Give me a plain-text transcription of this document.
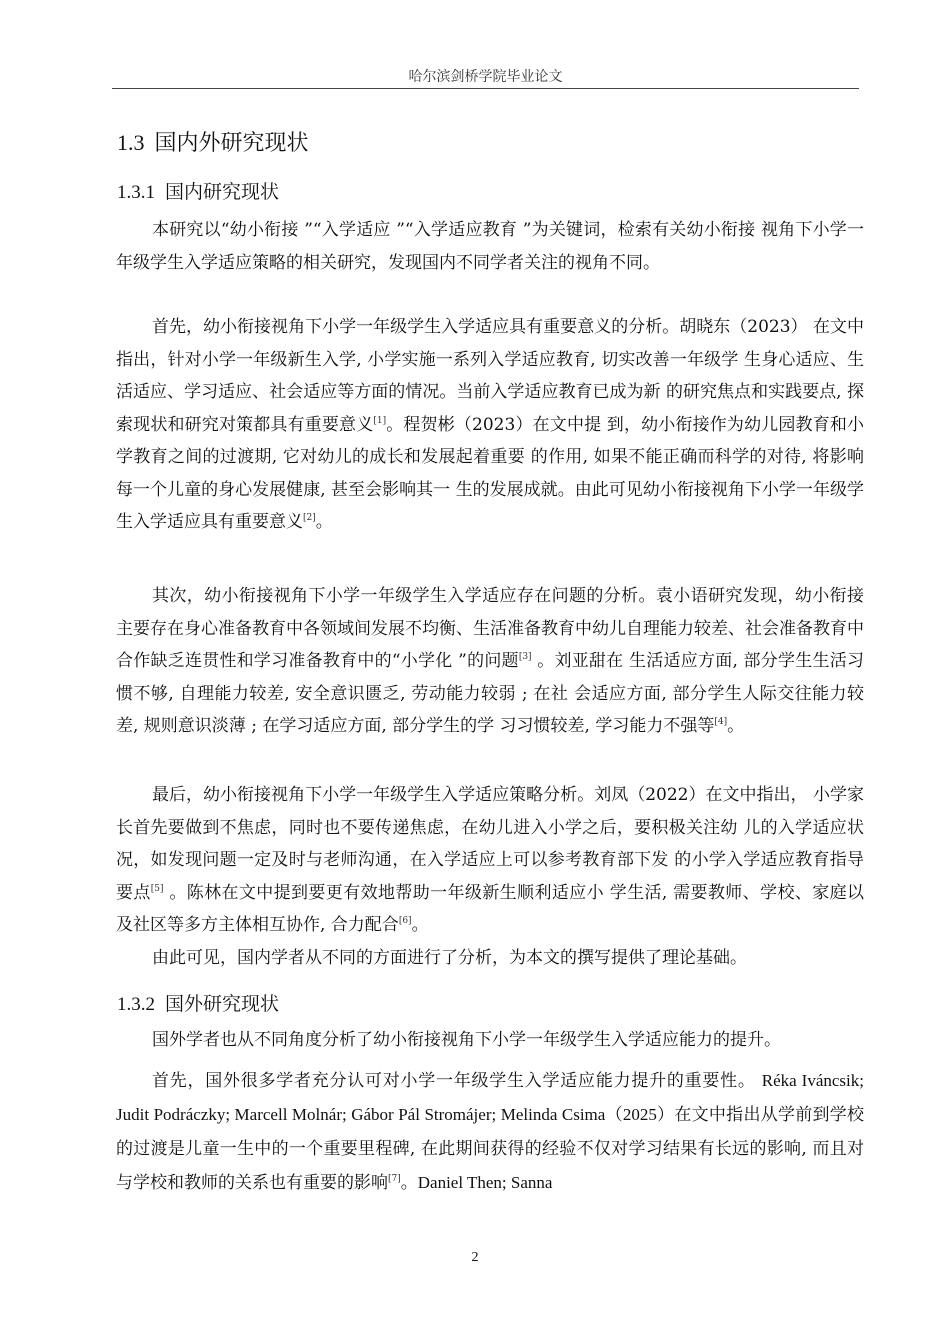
哈尔滨剑桥学院毕业论文
1.3 国内外研究现状
1.3.1 国内研究现状

本研究以“幼小衔接 ”“入学适应 ”“入学适应教育 ”为关键词，检索有关幼小衔接 视角下小学一年级学生入学适应策略的相关研究，发现国内不同学者关注的视角不同。

首先，幼小衔接视角下小学一年级学生入学适应具有重要意义的分析。胡晓东（2023） 在文中指出，针对小学一年级新生入学, 小学实施一系列入学适应教育, 切实改善一年级学 生身心适应、生活适应、学习适应、社会适应等方面的情况。当前入学适应教育已成为新 的研究焦点和实践要点, 探索现状和研究对策都具有重要意义[1]。程贺彬（2023）在文中提 到，幼小衔接作为幼儿园教育和小学教育之间的过渡期, 它对幼儿的成长和发展起着重要 的作用, 如果不能正确而科学的对待, 将影响每一个儿童的身心发展健康, 甚至会影响其一 生的发展成就。由此可见幼小衔接视角下小学一年级学生入学适应具有重要意义[2]。

其次，幼小衔接视角下小学一年级学生入学适应存在问题的分析。袁小语研究发现，幼小衔接主要存在身心准备教育中各领域间发展不均衡、生活准备教育中幼儿自理能力较差、社会准备教育中合作缺乏连贯性和学习准备教育中的“小学化 ”的问题[3] 。刘亚甜在 生活适应方面, 部分学生生活习惯不够, 自理能力较差, 安全意识匮乏, 劳动能力较弱 ; 在社 会适应方面, 部分学生人际交往能力较差, 规则意识淡薄 ; 在学习适应方面, 部分学生的学 习习惯较差, 学习能力不强等[4]。

最后，幼小衔接视角下小学一年级学生入学适应策略分析。刘凤（2022）在文中指出， 小学家长首先要做到不焦虑，同时也不要传递焦虑，在幼儿进入小学之后，要积极关注幼 儿的入学适应状况，如发现问题一定及时与老师沟通，在入学适应上可以参考教育部下发 的小学入学适应教育指导要点[5] 。陈林在文中提到要更有效地帮助一年级新生顺利适应小 学生活, 需要教师、学校、家庭以及社区等多方主体相互协作, 合力配合[6]。

由此可见，国内学者从不同的方面进行了分析，为本文的撰写提供了理论基础。

1.3.2 国外研究现状

国外学者也从不同角度分析了幼小衔接视角下小学一年级学生入学适应能力的提升。

首先，国外很多学者充分认可对小学一年级学生入学适应能力提升的重要性。 Réka Iváncsik; Judit Podráczky; Marcell Molnár; Gábor Pál Stromájer; Melinda Csima（2025）在文中指出从学前到学校的过渡是儿童一生中的一个重要里程碑, 在此期间获得的经验不仅对学习结果有长远的影响, 而且对与学校和教师的关系也有重要的影响[7]。Daniel Then; Sanna

2
